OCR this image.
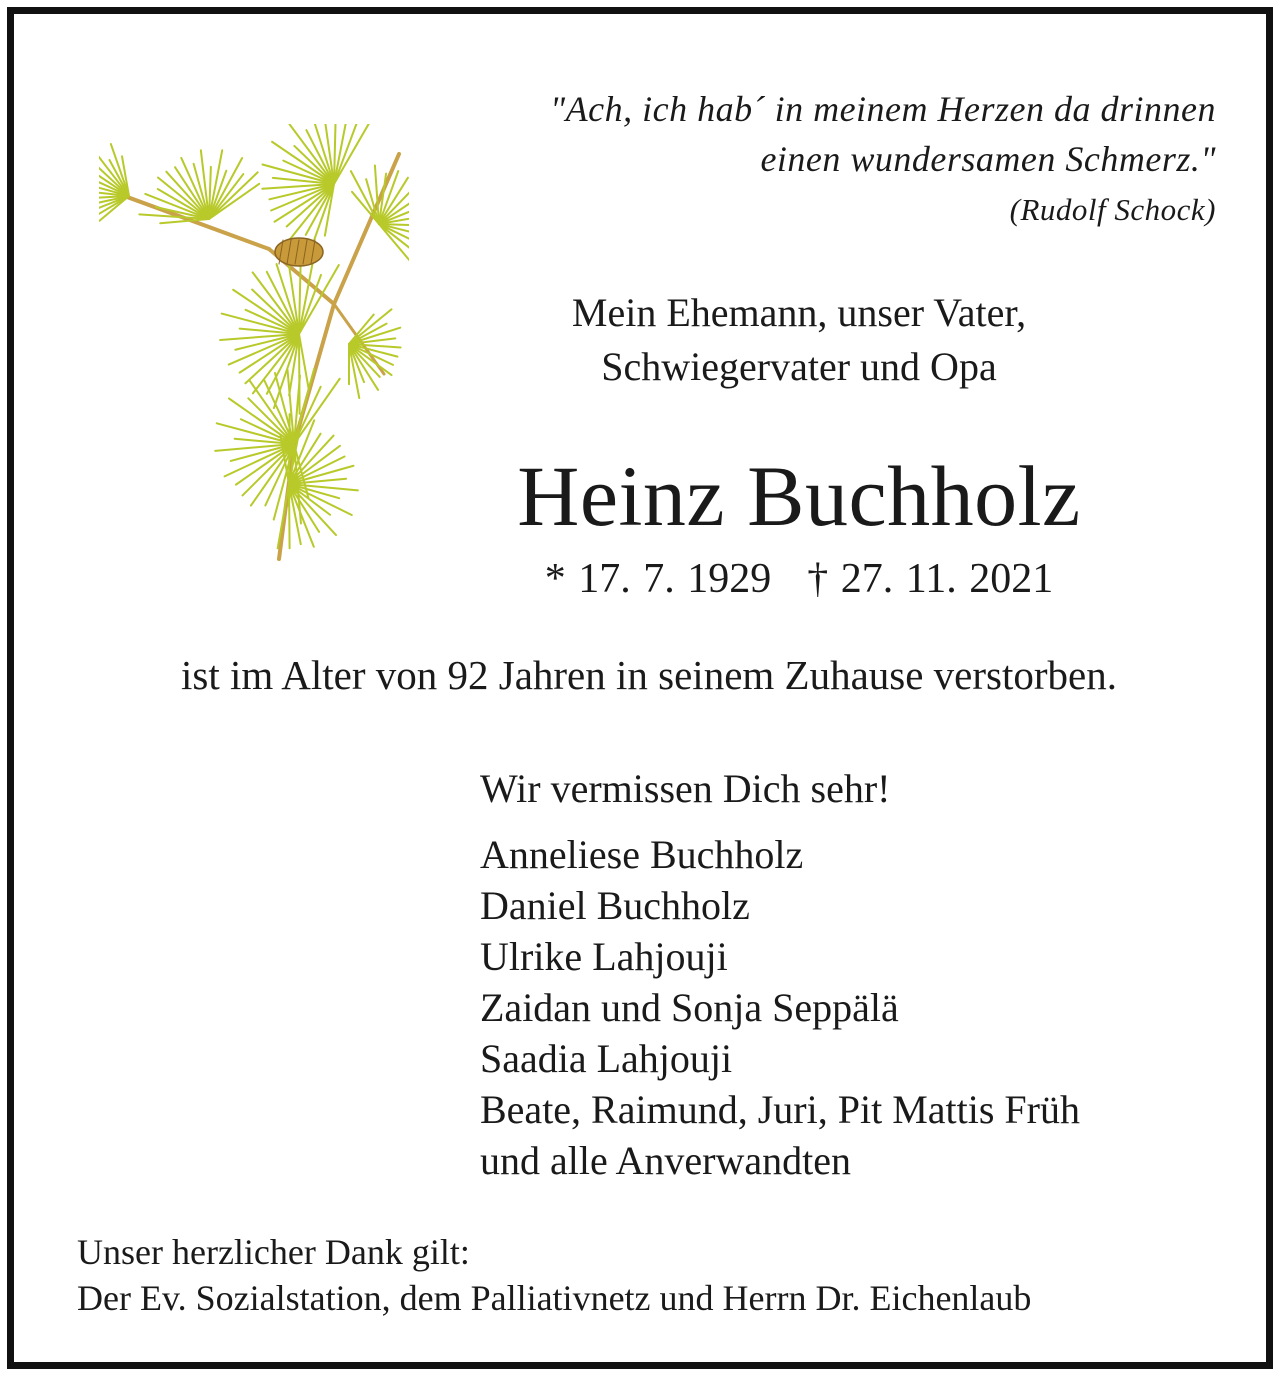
"Ach, ich hab´ in meinem Herzen da drinnen
einen wundersamen Schmerz."
(Rudolf Schock)
Mein Ehemann, unser Vater,
Schwiegervater und Opa
Heinz Buchholz
* 17. 7. 1929 † 27. 11. 2021
ist im Alter von 92 Jahren in seinem Zuhause verstorben.
Wir vermissen Dich sehr!
Anneliese Buchholz
Daniel Buchholz
Ulrike Lahjouji
Zaidan und Sonja Seppälä
Saadia Lahjouji
Beate, Raimund, Juri, Pit Mattis Früh
und alle Anverwandten
Unser herzlicher Dank gilt:
Der Ev. Sozialstation, dem Palliativnetz und Herrn Dr. Eichenlaub
